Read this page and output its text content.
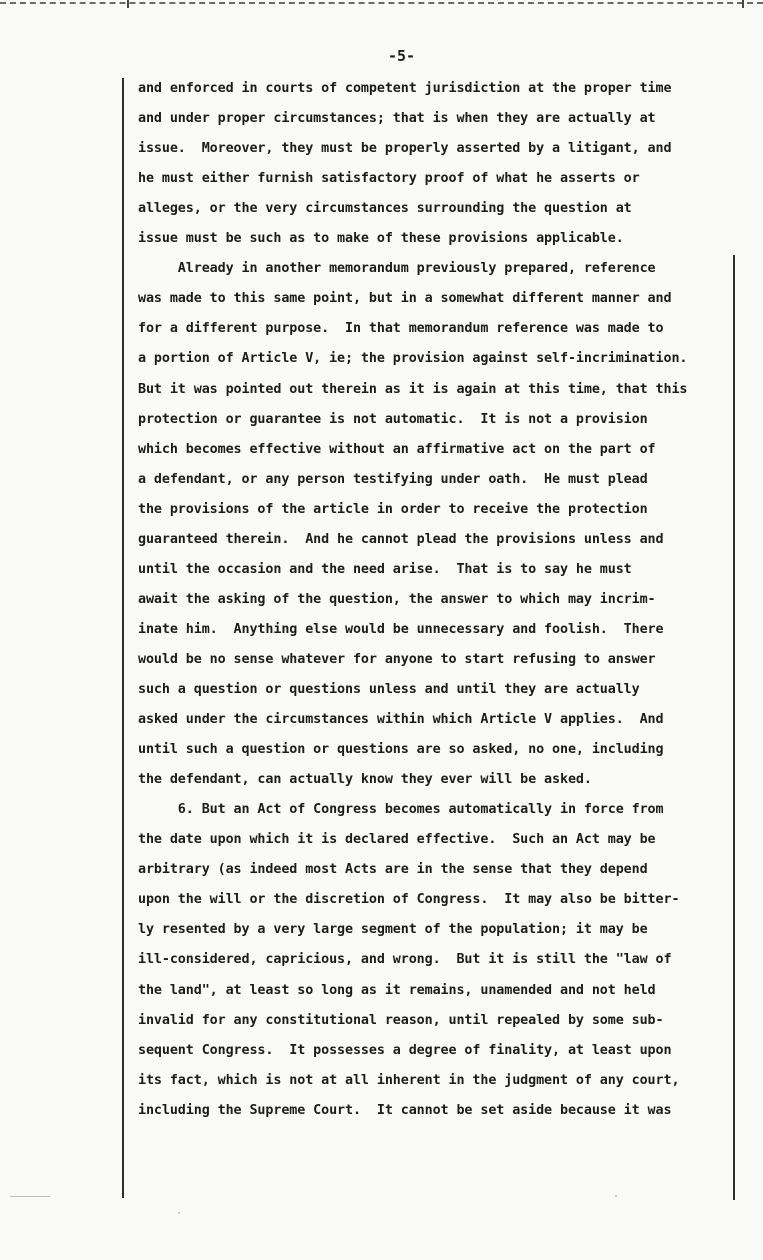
-5-
and enforced in courts of competent jurisdiction at the proper time
and under proper circumstances; that is when they are actually at
issue.  Moreover, they must be properly asserted by a litigant, and
he must either furnish satisfactory proof of what he asserts or
alleges, or the very circumstances surrounding the question at
issue must be such as to make of these provisions applicable.
Already in another memorandum previously prepared, reference
was made to this same point, but in a somewhat different manner and
for a different purpose.  In that memorandum reference was made to
a portion of Article V, ie; the provision against self-incrimination.
But it was pointed out therein as it is again at this time, that this
protection or guarantee is not automatic.  It is not a provision
which becomes effective without an affirmative act on the part of
a defendant, or any person testifying under oath.  He must plead
the provisions of the article in order to receive the protection
guaranteed therein.  And he cannot plead the provisions unless and
until the occasion and the need arise.  That is to say he must
await the asking of the question, the answer to which may incrim-
inate him.  Anything else would be unnecessary and foolish.  There
would be no sense whatever for anyone to start refusing to answer
such a question or questions unless and until they are actually
asked under the circumstances within which Article V applies.  And
until such a question or questions are so asked, no one, including
the defendant, can actually know they ever will be asked.
6. But an Act of Congress becomes automatically in force from
the date upon which it is declared effective.  Such an Act may be
arbitrary (as indeed most Acts are in the sense that they depend
upon the will or the discretion of Congress.  It may also be bitter-
ly resented by a very large segment of the population; it may be
ill-considered, capricious, and wrong.  But it is still the "law of
the land", at least so long as it remains, unamended and not held
invalid for any constitutional reason, until repealed by some sub-
sequent Congress.  It possesses a degree of finality, at least upon
its fact, which is not at all inherent in the judgment of any court,
including the Supreme Court.  It cannot be set aside because it was
